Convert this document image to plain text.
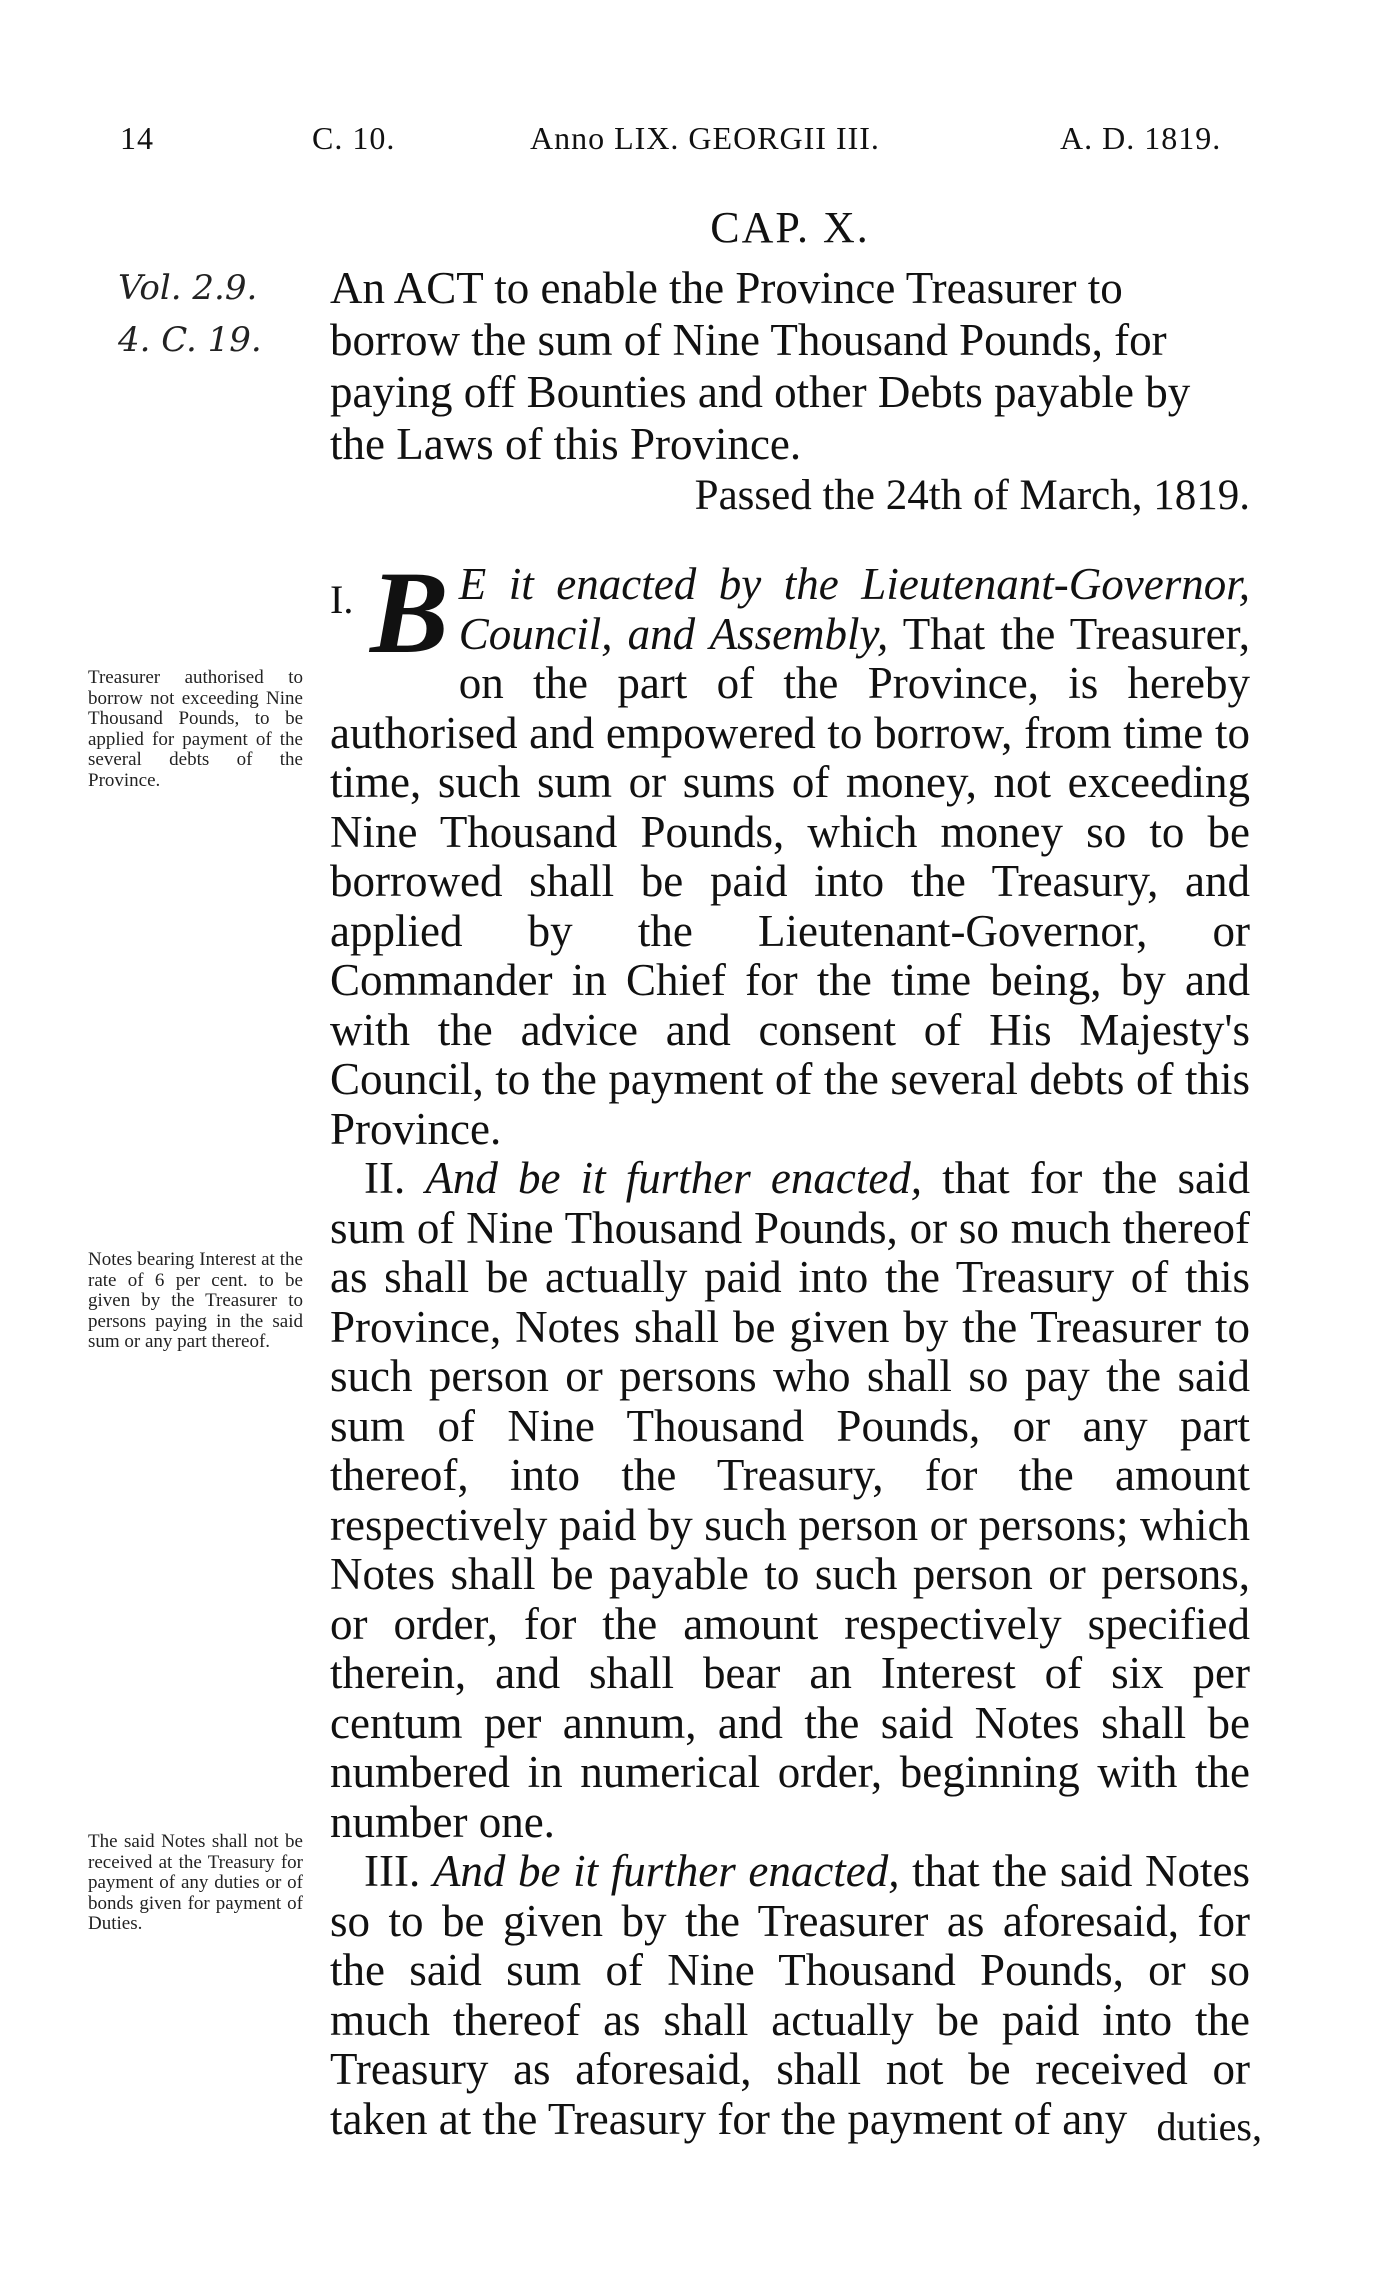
14	C. 10.	Anno LIX. GEORGII III.	A. D. 1819.
Vol. 2.9.
4. C. 19.
CAP. X.
An ACT to enable the Province Treasurer to borrow the sum of Nine Thousand Pounds, for paying off Bounties and other Debts payable by the Laws of this Province.
Passed the 24th of March, 1819.

I. B E it enacted by the Lieutenant-Governor, Council, and Assembly, That the Treasurer, on the part of the Province, is hereby authorised and empowered to borrow, from time to time, such sum or sums of money, not exceeding Nine Thousand Pounds, which money so to be borrowed shall be paid into the Treasury, and applied by the Lieutenant-Governor, or Commander in Chief for the time being, by and with the advice and consent of His Majesty's Council, to the payment of the several debts of this Province.

II. And be it further enacted, that for the said sum of Nine Thousand Pounds, or so much thereof as shall be actually paid into the Treasury of this Province, Notes shall be given by the Treasurer to such person or persons who shall so pay the said sum of Nine Thousand Pounds, or any part thereof, into the Treasury, for the amount respectively paid by such person or persons; which Notes shall be payable to such person or persons, or order, for the amount respectively specified therein, and shall bear an Interest of six per centum per annum, and the said Notes shall be numbered in numerical order, beginning with the number one.

III. And be it further enacted, that the said Notes so to be given by the Treasurer as aforesaid, for the said sum of Nine Thousand Pounds, or so much thereof as shall actually be paid into the Treasury as aforesaid, shall not be received or taken at the Treasury for the payment of any duties,
Treasurer authorised to borrow not exceeding Nine Thousand Pounds, to be applied for payment of the several debts of the Province.
Notes bearing Interest at the rate of 6 per cent. to be given by the Treasurer to persons paying in the said sum or any part thereof.
The said Notes shall not be received at the Treasury for payment of any duties or of bonds given for payment of Duties.
